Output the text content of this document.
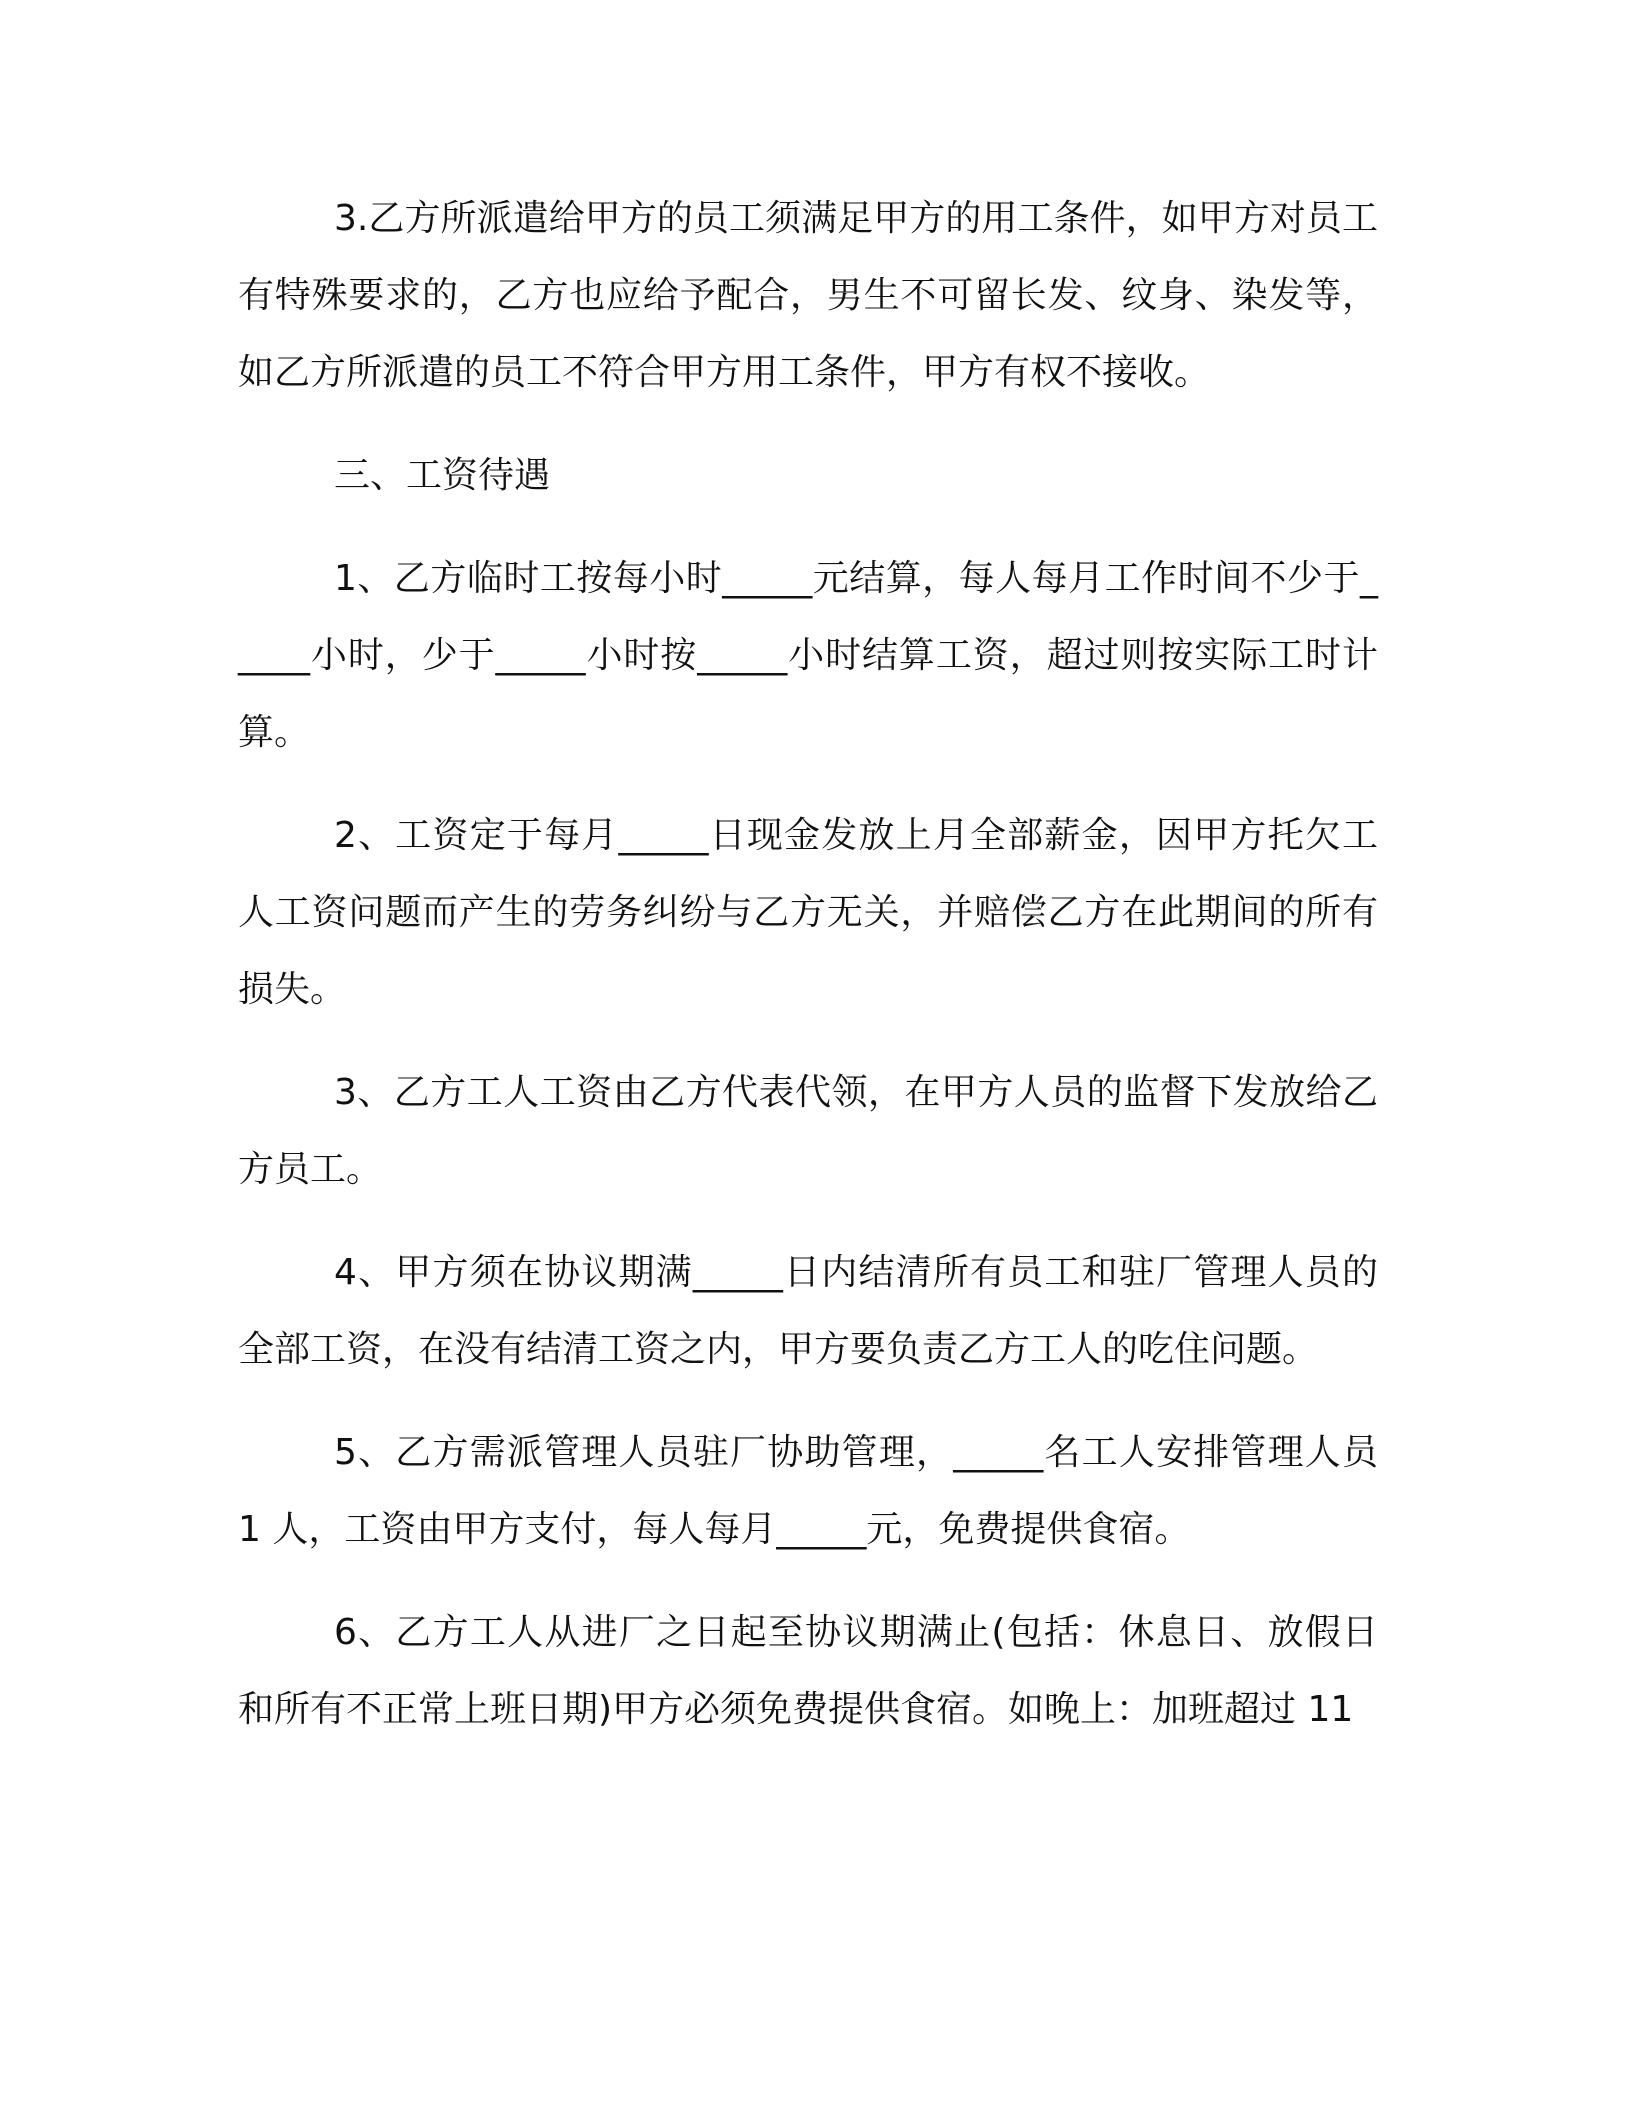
3.乙方所派遣给甲方的员工须满足甲方的用工条件，如甲方对员工有特殊要求的，乙方也应给予配合，男生不可留长发、纹身、染发等，如乙方所派遣的员工不符合甲方用工条件，甲方有权不接收。

三、工资待遇

1、乙方临时工按每小时_____元结算，每人每月工作时间不少于_____小时，少于_____小时按_____小时结算工资，超过则按实际工时计算。

2、工资定于每月_____日现金发放上月全部薪金，因甲方托欠工人工资问题而产生的劳务纠纷与乙方无关，并赔偿乙方在此期间的所有损失。

3、乙方工人工资由乙方代表代领，在甲方人员的监督下发放给乙方员工。

4、甲方须在协议期满_____日内结清所有员工和驻厂管理人员的全部工资，在没有结清工资之内，甲方要负责乙方工人的吃住问题。

5、乙方需派管理人员驻厂协助管理，_____名工人安排管理人员 1 人，工资由甲方支付，每人每月_____元，免费提供食宿。

6、乙方工人从进厂之日起至协议期满止(包括：休息日、放假日和所有不正常上班日期)甲方必须免费提供食宿。如晚上：加班超过 11
